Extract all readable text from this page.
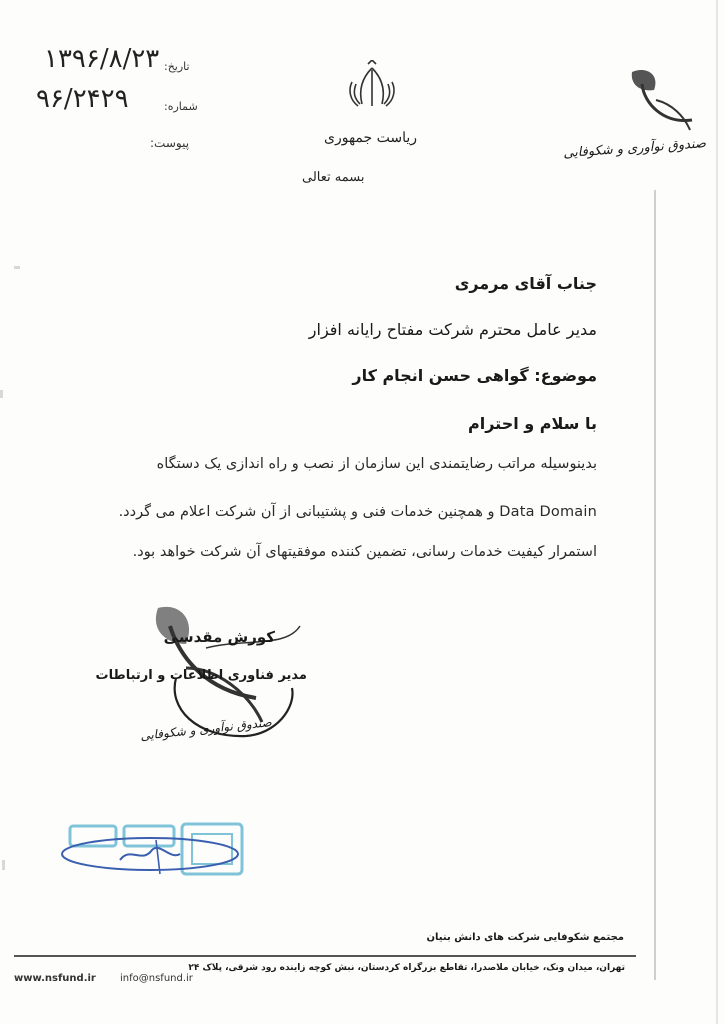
۱۳۹۶/۸/۲۳ تاریخ:
۹۶/۲۴۲۹	شماره:
پیوست:	ریاست جمهوری
بسمه تعالی
صندوق نوآوری و شکوفایی
جناب آقای مرمری
مدیر عامل محترم شرکت مفتاح رایانه افزار
موضوع: گواهی حسن انجام کار
با سلام و احترام
بدینوسیله مراتب رضایتمندی این سازمان از نصب و راه اندازی یک دستگاه
Data Domain و همچنین خدمات فنی و پشتیبانی از آن شرکت اعلام می گردد.
استمرار کیفیت خدمات رسانی، تضمین کننده موفقیتهای آن شرکت خواهد بود.
کورش مقدسی
مدیر فناوری اطلاعات و ارتباطات
صندوق نوآوری و شکوفایی
مجتمع شکوفایی شرکت های دانش بنیان
تهران، میدان ونک، خیابان ملاصدرا، تقاطع بزرگراه کردستان، نبش کوچه زاینده رود شرقی، پلاک ۲۴
www.nsfund.ir info@nsfund.ir
